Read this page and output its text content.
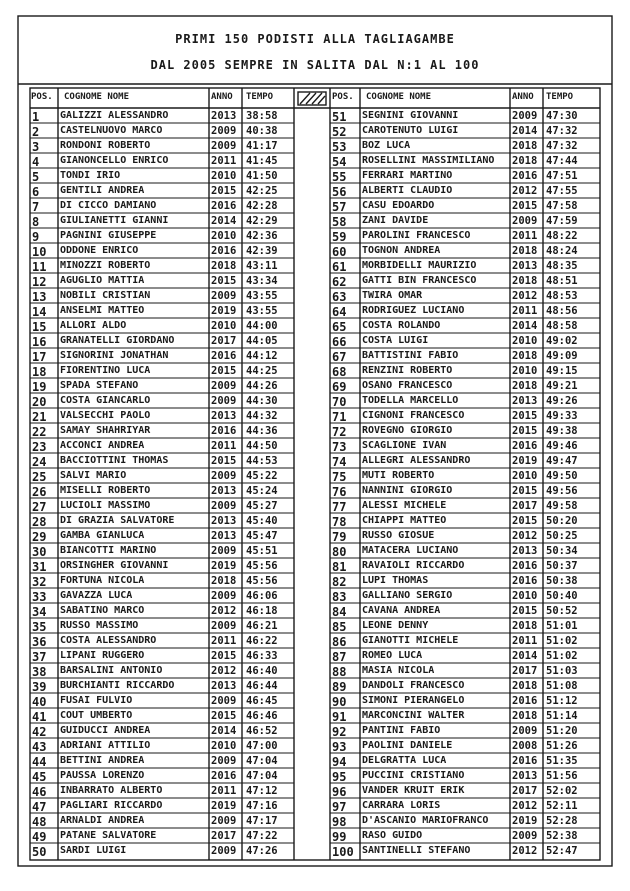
PRIMI 150 PODISTI ALLA TAGLIAGAMBE
DAL 2005 SEMPRE IN SALITA DAL N:1 AL 100
POS. COGNOME NOME	ANNO TEMPO	POS. COGNOME NOME	ANNO TEMPO
1	GALIZZI ALESSANDRO	2013 38:58
2	CASTELNUOVO MARCO	2009 40:38
3	RONDONI ROBERTO	2009 41:17
4	GIANONCELLO ENRICO	2011 41:45
5	TONDI IRIO	2010 41:50
6	GENTILI ANDREA	2015 42:25
7	DI CICCO DAMIANO	2016 42:28
8	GIULIANETTI GIANNI	2014 42:29
9	PAGNINI GIUSEPPE	2010 42:36
10	ODDONE ENRICO	2016 42:39
11	MINOZZI ROBERTO	2018 43:11
12	AGUGLIO MATTIA	2015 43:34
13	NOBILI CRISTIAN	2009 43:55
14	ANSELMI MATTEO	2019 43:55
15	ALLORI ALDO	2010 44:00
16	GRANATELLI GIORDANO	2017 44:05
17	SIGNORINI JONATHAN	2016 44:12
18	FIORENTINO LUCA	2015 44:25
19	SPADA STEFANO	2009 44:26
20	COSTA GIANCARLO	2009 44:30
21	VALSECCHI PAOLO	2013 44:32
22	SAMAY SHAHRIYAR	2016 44:36
23	ACCONCI ANDREA	2011 44:50
24	BACCIOTTINI THOMAS	2015 44:53
25	SALVI MARIO	2009 45:22
26	MISELLI ROBERTO	2013 45:24
27	LUCIOLI MASSIMO	2009 45:27
28	DI GRAZIA SALVATORE	2013 45:40
29	GAMBA GIANLUCA	2013 45:47
30	BIANCOTTI MARINO	2009 45:51
31	ORSINGHER GIOVANNI	2019 45:56
32	FORTUNA NICOLA	2018 45:56
33	GAVAZZA LUCA	2009 46:06
34	SABATINO MARCO	2012 46:18
35	RUSSO MASSIMO	2009 46:21
36	COSTA ALESSANDRO	2011 46:22
37	LIPANI RUGGERO	2015 46:33
38	BARSALINI ANTONIO	2012 46:40
39	BURCHIANTI RICCARDO	2013 46:44
40	FUSAI FULVIO	2009 46:45
41	COUT UMBERTO	2015 46:46
42	GUIDUCCI ANDREA	2014 46:52
43	ADRIANI ATTILIO	2010 47:00
44	BETTINI ANDREA	2009 47:04
45	PAUSSA LORENZO	2016 47:04
46	INBARRATO ALBERTO	2011 47:12
47	PAGLIARI RICCARDO	2019 47:16
48	ARNALDI ANDREA	2009 47:17
49	PATANE SALVATORE	2017 47:22
50	SARDI LUIGI	2009 47:26
51	SEGNINI GIOVANNI	2009 47:30
52	CAROTENUTO LUIGI	2014 47:32
53	BOZ LUCA	2018 47:32
54	ROSELLINI MASSIMILIANO	2018 47:44
55	FERRARI MARTINO	2016 47:51
56	ALBERTI CLAUDIO	2012 47:55
57	CASU EDOARDO	2015 47:58
58	ZANI DAVIDE	2009 47:59
59	PAROLINI FRANCESCO	2011 48:22
60	TOGNON ANDREA	2018 48:24
61	MORBIDELLI MAURIZIO	2013 48:35
62	GATTI BIN FRANCESCO	2018 48:51
63	TWIRA OMAR	2012 48:53
64	RODRIGUEZ LUCIANO	2011 48:56
65	COSTA ROLANDO	2014 48:58
66	COSTA LUIGI	2010 49:02
67	BATTISTINI FABIO	2018 49:09
68	RENZINI ROBERTO	2010 49:15
69	OSANO FRANCESCO	2018 49:21
70	TODELLA MARCELLO	2013 49:26
71	CIGNONI FRANCESCO	2015 49:33
72	ROVEGNO GIORGIO	2015 49:38
73	SCAGLIONE IVAN	2016 49:46
74	ALLEGRI ALESSANDRO	2019 49:47
75	MUTI ROBERTO	2010 49:50
76	NANNINI GIORGIO	2015 49:56
77	ALESSI MICHELE	2017 49:58
78	CHIAPPI MATTEO	2015 50:20
79	RUSSO GIOSUE	2012 50:25
80	MATACERA LUCIANO	2013 50:34
81	RAVAIOLI RICCARDO	2016 50:37
82	LUPI THOMAS	2016 50:38
83	GALLIANO SERGIO	2010 50:40
84	CAVANA ANDREA	2015 50:52
85	LEONE DENNY	2018 51:01
86	GIANOTTI MICHELE	2011 51:02
87	ROMEO LUCA	2014 51:02
88	MASIA NICOLA	2017 51:03
89	DANDOLI FRANCESCO	2018 51:08
90	SIMONI PIERANGELO	2016 51:12
91	MARCONCINI WALTER	2018 51:14
92	PANTINI FABIO	2009 51:20
93	PAOLINI DANIELE	2008 51:26
94	DELGRATTA LUCA	2016 51:35
95	PUCCINI CRISTIANO	2013 51:56
96	VANDER KRUIT ERIK	2017 52:02
97	CARRARA LORIS	2012 52:11
98	D'ASCANIO MARIOFRANCO	2019 52:28
99	RASO GUIDO	2009 52:38
100 SANTINELLI STEFANO	2012 52:47
